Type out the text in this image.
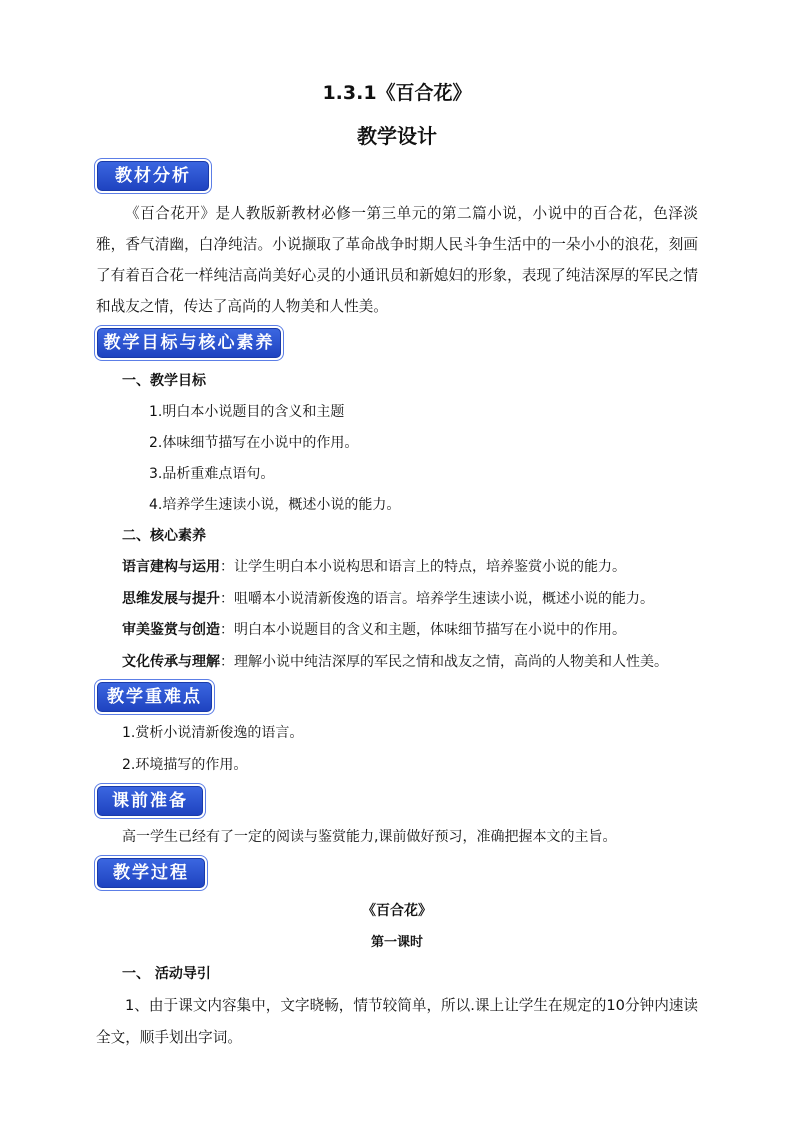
1.3.1《百合花》
教学设计
教材分析
《百合花开》是人教版新教材必修一第三单元的第二篇小说，小说中的百合花，色泽淡雅，香气清幽，白净纯洁。小说撷取了革命战争时期人民斗争生活中的一朵小小的浪花，刻画了有着百合花一样纯洁高尚美好心灵的小通讯员和新媳妇的形象，表现了纯洁深厚的军民之情和战友之情，传达了高尚的人物美和人性美。
教学目标与核心素养
一、教学目标
1.明白本小说题目的含义和主题
2.体味细节描写在小说中的作用。
3.品析重难点语句。
4.培养学生速读小说，概述小说的能力。
二、核心素养
语言建构与运用：让学生明白本小说构思和语言上的特点，培养鉴赏小说的能力。
思维发展与提升：咀嚼本小说清新俊逸的语言。培养学生速读小说，概述小说的能力。
审美鉴赏与创造：明白本小说题目的含义和主题，体味细节描写在小说中的作用。
文化传承与理解：理解小说中纯洁深厚的军民之情和战友之情，高尚的人物美和人性美。
教学重难点
1.赏析小说清新俊逸的语言。
2.环境描写的作用。
课前准备
高一学生已经有了一定的阅读与鉴赏能力,课前做好预习，准确把握本文的主旨。
教学过程
《百合花》
第一课时
一、 活动导引
1、由于课文内容集中，文字晓畅，情节较简单，所以.课上让学生在规定的10分钟内速读全文，顺手划出字词。
